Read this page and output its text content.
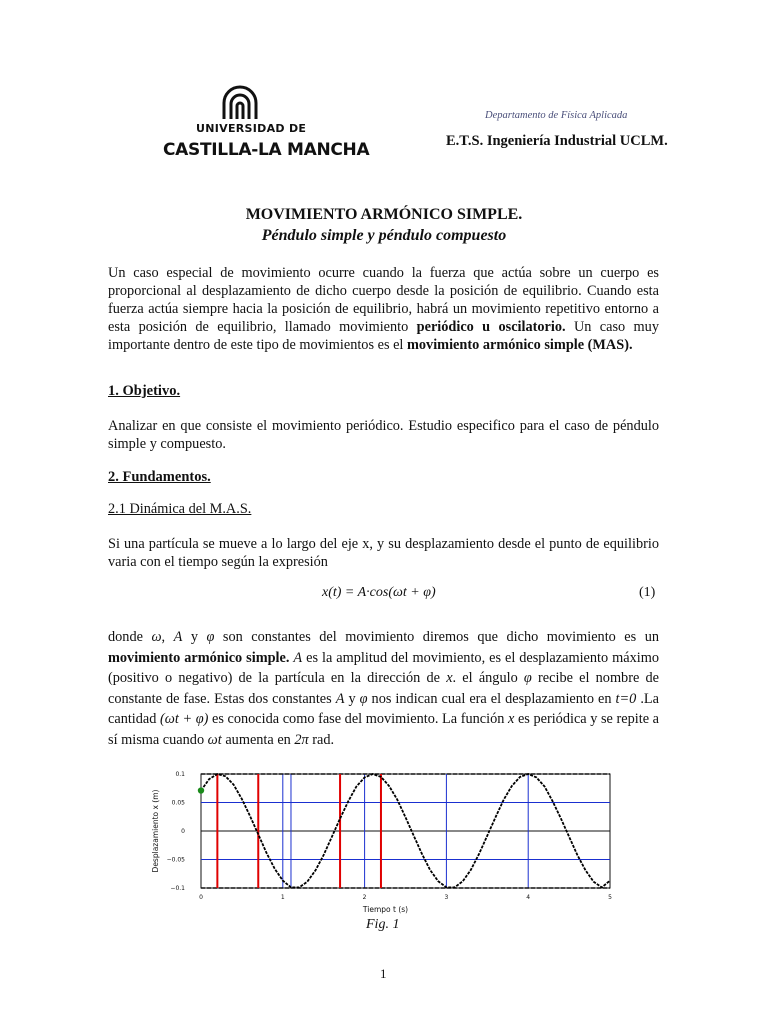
UNIVERSIDAD DE
CASTILLA-LA MANCHA
Departamento de Física Aplicada
E.T.S. Ingeniería Industrial UCLM.
MOVIMIENTO ARMÓNICO SIMPLE.
Péndulo simple y péndulo compuesto
Un caso especial de movimiento ocurre cuando la fuerza que actúa sobre un cuerpo es proporcional al desplazamiento de dicho cuerpo desde la posición de equilibrio. Cuando esta fuerza actúa siempre hacia la posición de equilibrio, habrá un movimiento repetitivo entorno a esta posición de equilibrio, llamado movimiento periódico u oscilatorio. Un caso muy importante dentro de este tipo de movimientos es el movimiento armónico simple (MAS).
1. Objetivo.
Analizar en que consiste el movimiento periódico. Estudio especifico para el caso de péndulo simple y compuesto.
2. Fundamentos.
2.1 Dinámica del M.A.S.
Si una partícula se mueve a lo largo del eje x, y su desplazamiento desde el punto de equilibrio varia con el tiempo según la expresión
x(t) = A·cos(ωt + φ)	(1)
donde ω, A y φ son constantes del movimiento diremos que dicho movimiento es un movimiento armónico simple. A es la amplitud del movimiento, es el desplazamiento máximo (positivo o negativo) de la partícula en la dirección de x. el ángulo φ recibe el nombre de constante de fase. Estas dos constantes A y φ nos indican cual era el desplazamiento en t=0 .La cantidad (ωt + φ) es conocida como fase del movimiento. La función x es periódica y se repite a sí misma cuando ωt aumenta en 2π rad.
0.1
0.05
0
−0.05
−0.1
0	1	2	3	4	5
Desplazamiento x (m)
Tiempo t (s)
Fig. 1
1
